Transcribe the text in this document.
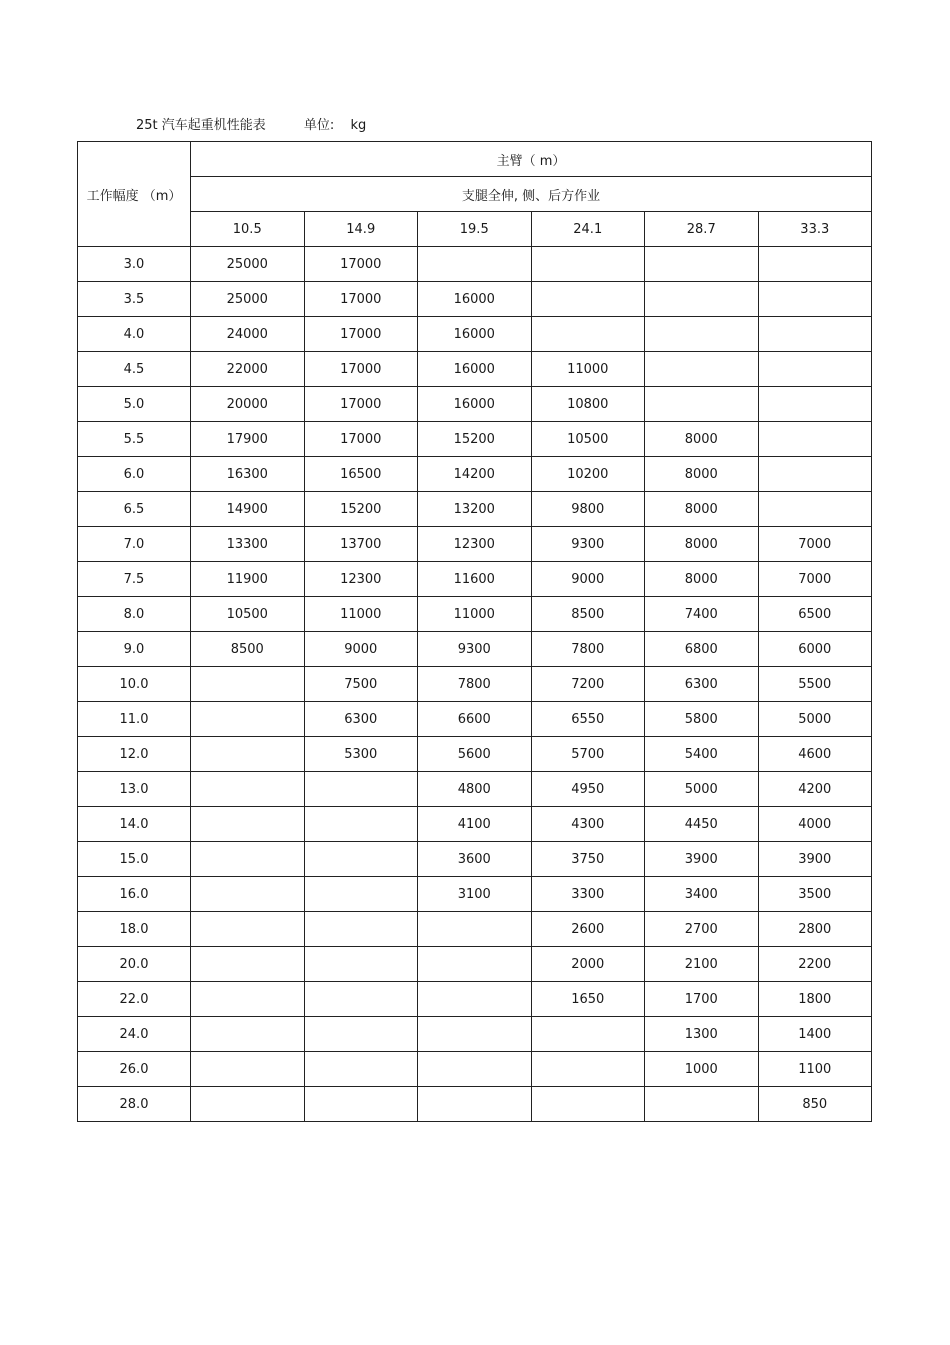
25t 汽车起重机性能表	单位: kg
工作幅度 （m）	主臂（ m）					
	支腿全伸, 侧、后方作业					
	10.5	14.9	19.5	24.1	28.7	33.3
3.0	25000	17000				
3.5	25000	17000	16000			
4.0	24000	17000	16000			
4.5	22000	17000	16000	11000		
5.0	20000	17000	16000	10800		
5.5	17900	17000	15200	10500	8000	
6.0	16300	16500	14200	10200	8000	
6.5	14900	15200	13200	9800	8000	
7.0	13300	13700	12300	9300	8000	7000
7.5	11900	12300	11600	9000	8000	7000
8.0	10500	11000	11000	8500	7400	6500
9.0	8500	9000	9300	7800	6800	6000
10.0		7500	7800	7200	6300	5500
11.0		6300	6600	6550	5800	5000
12.0		5300	5600	5700	5400	4600
13.0			4800	4950	5000	4200
14.0			4100	4300	4450	4000
15.0			3600	3750	3900	3900
16.0			3100	3300	3400	3500
18.0				2600	2700	2800
20.0				2000	2100	2200
22.0				1650	1700	1800
24.0					1300	1400
26.0					1000	1100
28.0						850
